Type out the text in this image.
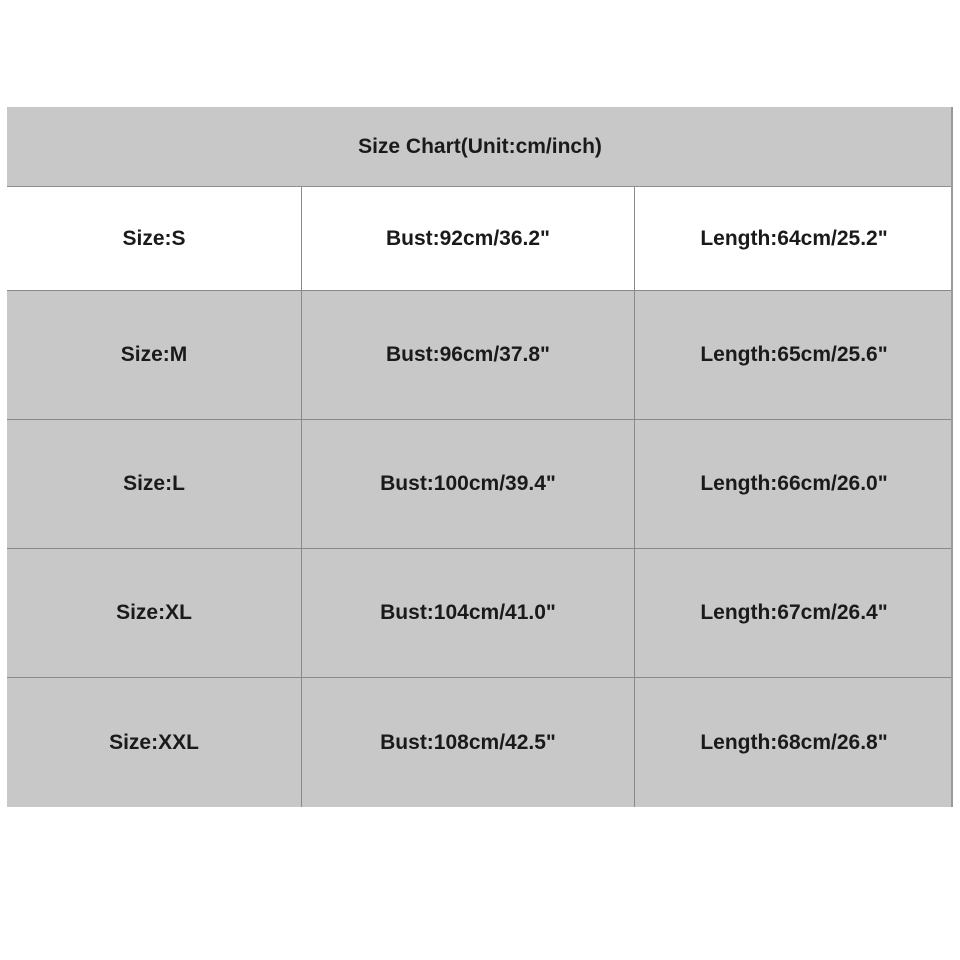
Size Chart(Unit:cm/inch)
Size:S	Bust:92cm/36.2"	Length:64cm/25.2"
Size:M	Bust:96cm/37.8"	Length:65cm/25.6"
Size:L	Bust:100cm/39.4"	Length:66cm/26.0"
Size:XL	Bust:104cm/41.0"	Length:67cm/26.4"
Size:XXL	Bust:108cm/42.5"	Length:68cm/26.8"
